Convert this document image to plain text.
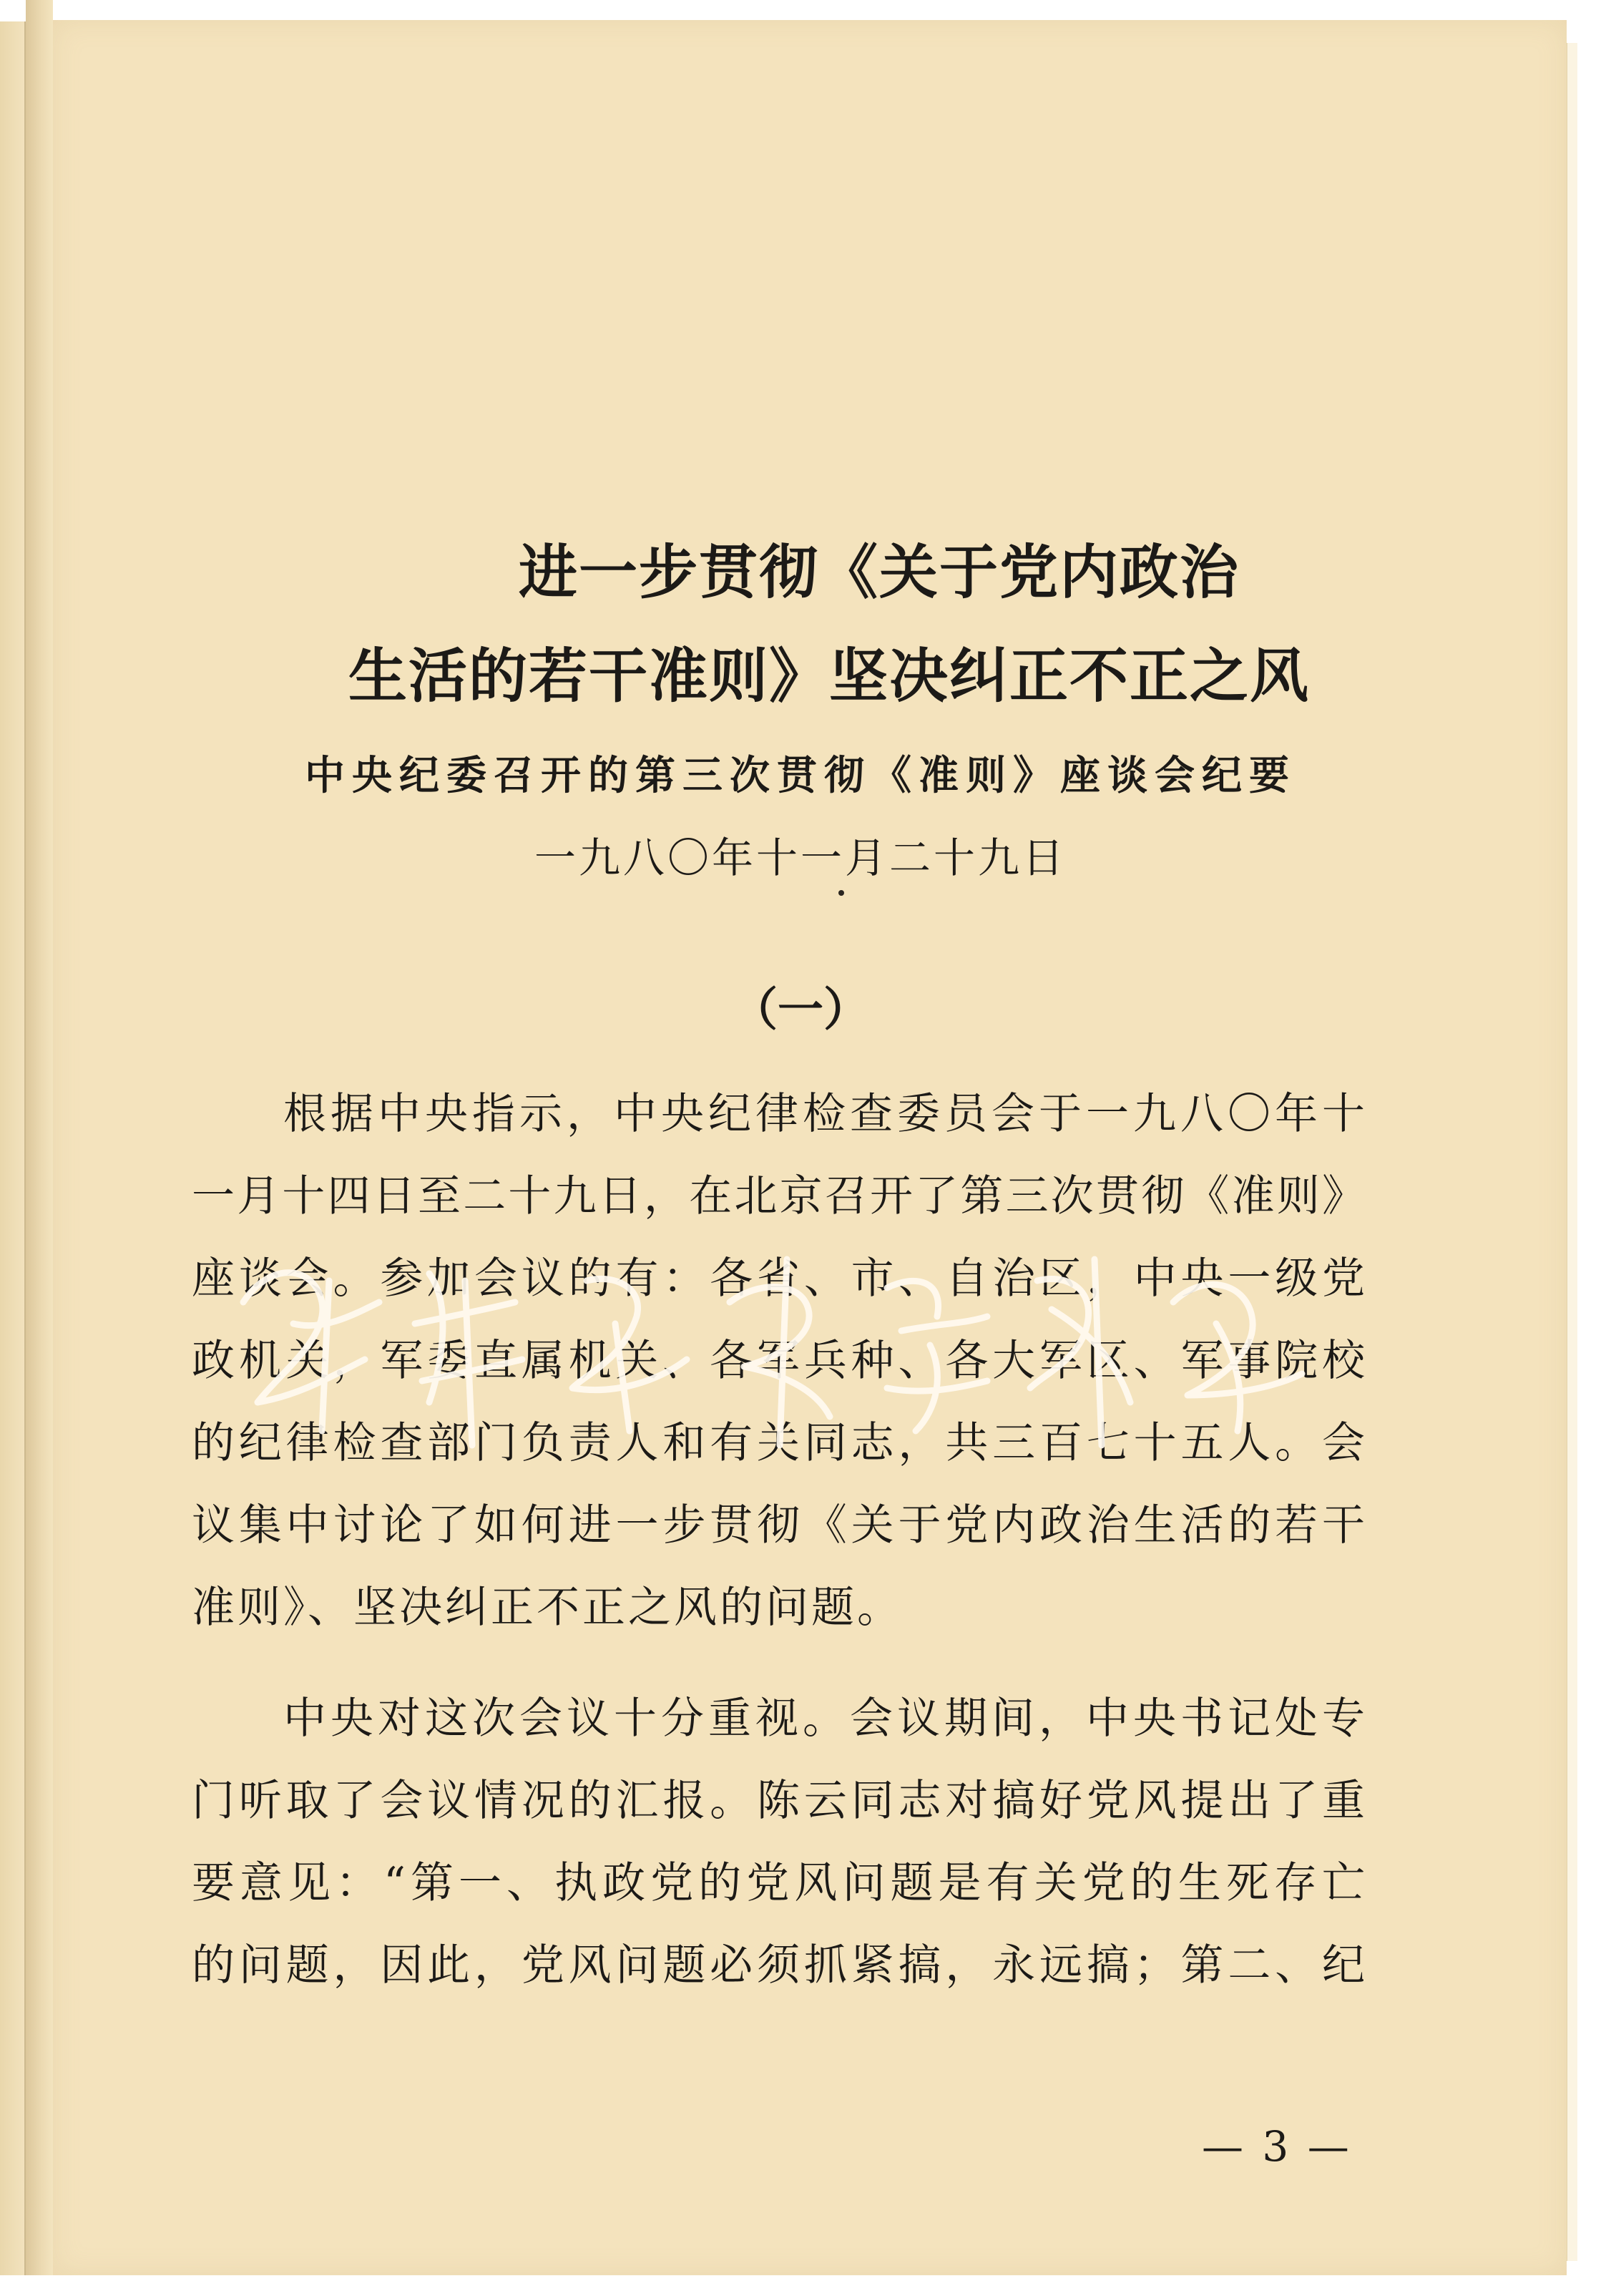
进一步贯彻《关于党内政治
生活的若干准则》坚决纠正不正之风
中央纪委召开的第三次贯彻《准则》座谈会纪要
一九八〇年十一月二十九日
（一）
根据中央指示，中央纪律检查委员会于一九八〇年十
一月十四日至二十九日，在北京召开了第三次贯彻《准则》
座谈会。参加会议的有：各省、市、自治区，中央一级党
政机关，军委直属机关、各军兵种、各大军区、军事院校
的纪律检查部门负责人和有关同志，共三百七十五人。会
议集中讨论了如何进一步贯彻《关于党内政治生活的若干
准则》、坚决纠正不正之风的问题。
中央对这次会议十分重视。会议期间，中央书记处专
门听取了会议情况的汇报。陈云同志对搞好党风提出了重
要意见：“第一、执政党的党风问题是有关党的生死存亡
的问题，因此，党风问题必须抓紧搞，永远搞；第二、纪
— 3 —
